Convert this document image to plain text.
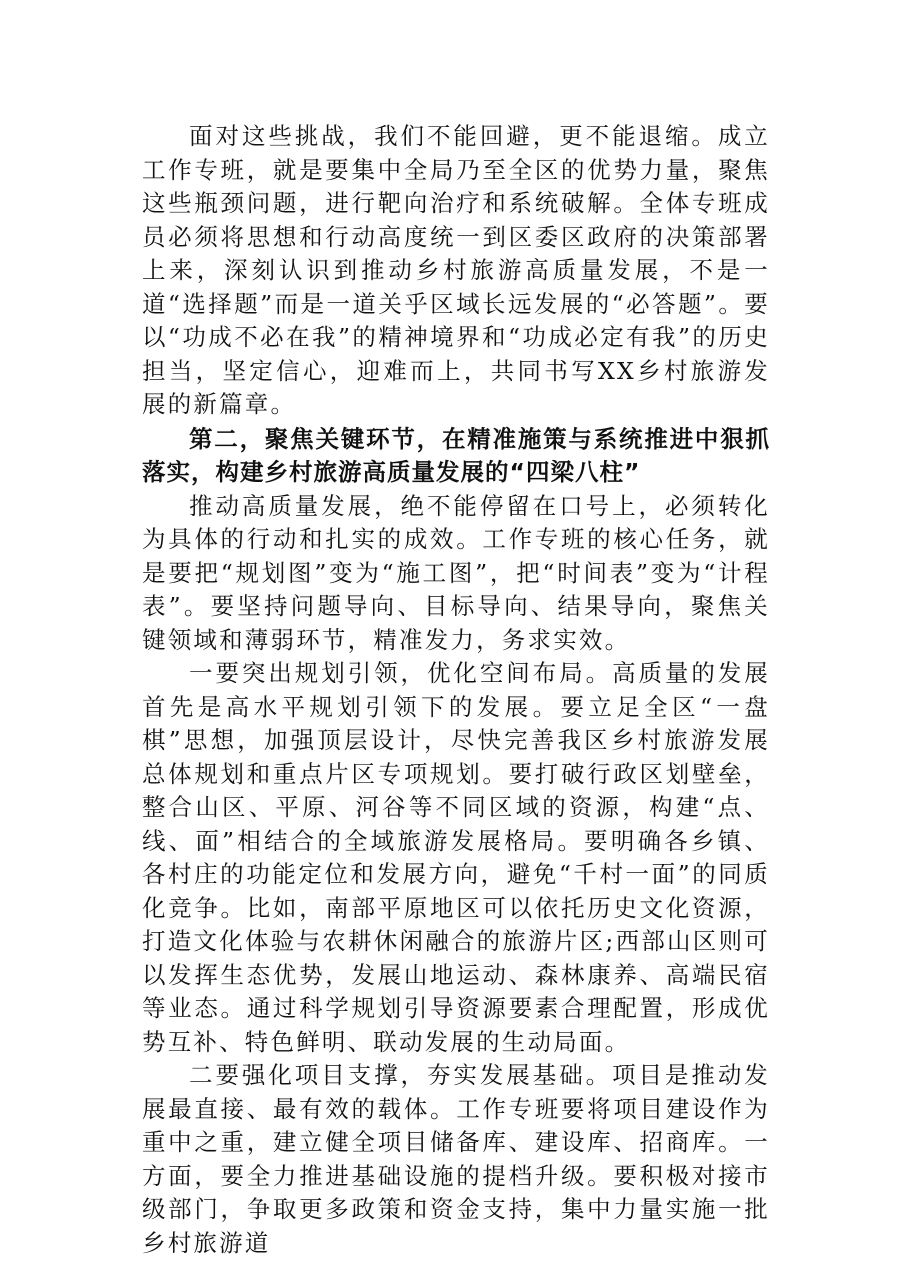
面对这些挑战，我们不能回避，更不能退缩。成立工作专班，就是要集中全局乃至全区的优势力量，聚焦这些瓶颈问题，进行靶向治疗和系统破解。全体专班成员必须将思想和行动高度统一到区委区政府的决策部署上来，深刻认识到推动乡村旅游高质量发展，不是一道“选择题”而是一道关乎区域长远发展的“必答题”。要以“功成不必在我”的精神境界和“功成必定有我”的历史担当，坚定信心，迎难而上，共同书写XX乡村旅游发展的新篇章。

第二，聚焦关键环节，在精准施策与系统推进中狠抓落实，构建乡村旅游高质量发展的“四梁八柱”

推动高质量发展，绝不能停留在口号上，必须转化为具体的行动和扎实的成效。工作专班的核心任务，就是要把“规划图”变为“施工图”，把“时间表”变为“计程表”。要坚持问题导向、目标导向、结果导向，聚焦关键领域和薄弱环节，精准发力，务求实效。

一要突出规划引领，优化空间布局。高质量的发展首先是高水平规划引领下的发展。要立足全区“一盘棋”思想，加强顶层设计，尽快完善我区乡村旅游发展总体规划和重点片区专项规划。要打破行政区划壁垒，整合山区、平原、河谷等不同区域的资源，构建“点、线、面”相结合的全域旅游发展格局。要明确各乡镇、各村庄的功能定位和发展方向，避免“千村一面”的同质化竞争。比如，南部平原地区可以依托历史文化资源，打造文化体验与农耕休闲融合的旅游片区;西部山区则可以发挥生态优势，发展山地运动、森林康养、高端民宿等业态。通过科学规划引导资源要素合理配置，形成优势互补、特色鲜明、联动发展的生动局面。

二要强化项目支撑，夯实发展基础。项目是推动发展最直接、最有效的载体。工作专班要将项目建设作为重中之重，建立健全项目储备库、建设库、招商库。一方面，要全力推进基础设施的提档升级。要积极对接市级部门，争取更多政策和资金支持，集中力量实施一批乡村旅游道
